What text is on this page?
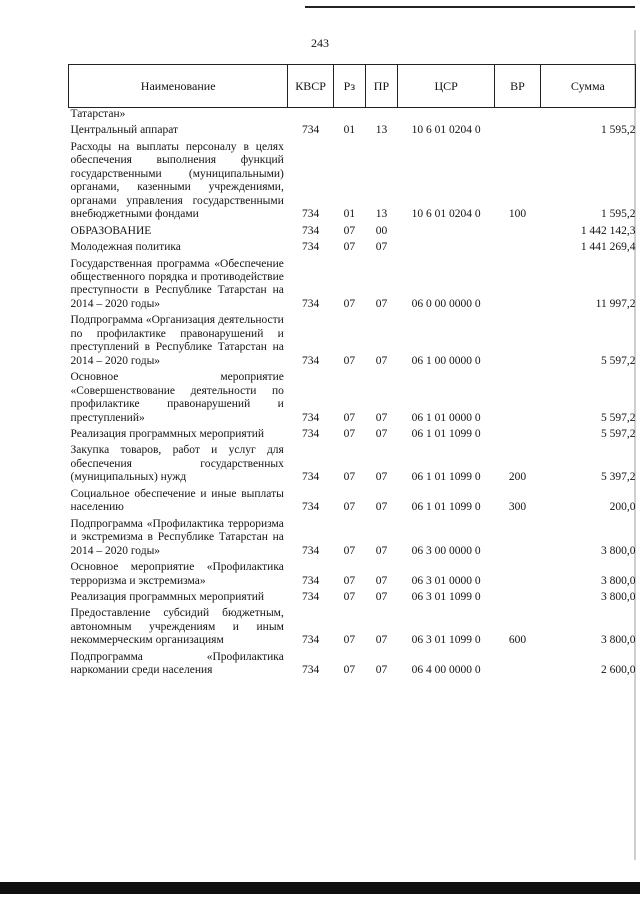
243
Наименование	КВСР	Рз	ПР	ЦСР	ВР	Сумма
Татарстан»						
Центральный аппарат	734	01	13	10 6 01 0204 0		1 595,2
Расходы на выплаты персоналу в целях обеспечения выполнения функций государственными (муниципальными) органами, казенными учреждениями, органами управления государственными внебюджетными фондами	734	01	13	10 6 01 0204 0	100	1 595,2
ОБРАЗОВАНИЕ	734	07	00			1 442 142,3
Молодежная политика	734	07	07			1 441 269,4
Государственная программа «Обеспечение общественного порядка и противодействие преступности в Республике Татарстан на 2014 – 2020 годы»	734	07	07	06 0 00 0000 0		11 997,2
Подпрограмма «Организация деятельности по профилактике правонарушений и преступлений в Республике Татарстан на 2014 – 2020 годы»	734	07	07	06 1 00 0000 0		5 597,2
Основное мероприятие «Совершенствование деятельности по профилактике правонарушений и преступлений»	734	07	07	06 1 01 0000 0		5 597,2
Реализация программных мероприятий	734	07	07	06 1 01 1099 0		5 597,2
Закупка товаров, работ и услуг для обеспечения государственных (муниципальных) нужд	734	07	07	06 1 01 1099 0	200	5 397,2
Социальное обеспечение и иные выплаты населению	734	07	07	06 1 01 1099 0	300	200,0
Подпрограмма «Профилактика терроризма и экстремизма в Республике Татарстан на 2014 – 2020 годы»	734	07	07	06 3 00 0000 0		3 800,0
Основное мероприятие «Профилактика терроризма и экстремизма»	734	07	07	06 3 01 0000 0		3 800,0
Реализация программных мероприятий	734	07	07	06 3 01 1099 0		3 800,0
Предоставление субсидий бюджетным, автономным учреждениям и иным некоммерческим организациям	734	07	07	06 3 01 1099 0	600	3 800,0
Подпрограмма «Профилактика наркомании среди населения	734	07	07	06 4 00 0000 0		2 600,0
